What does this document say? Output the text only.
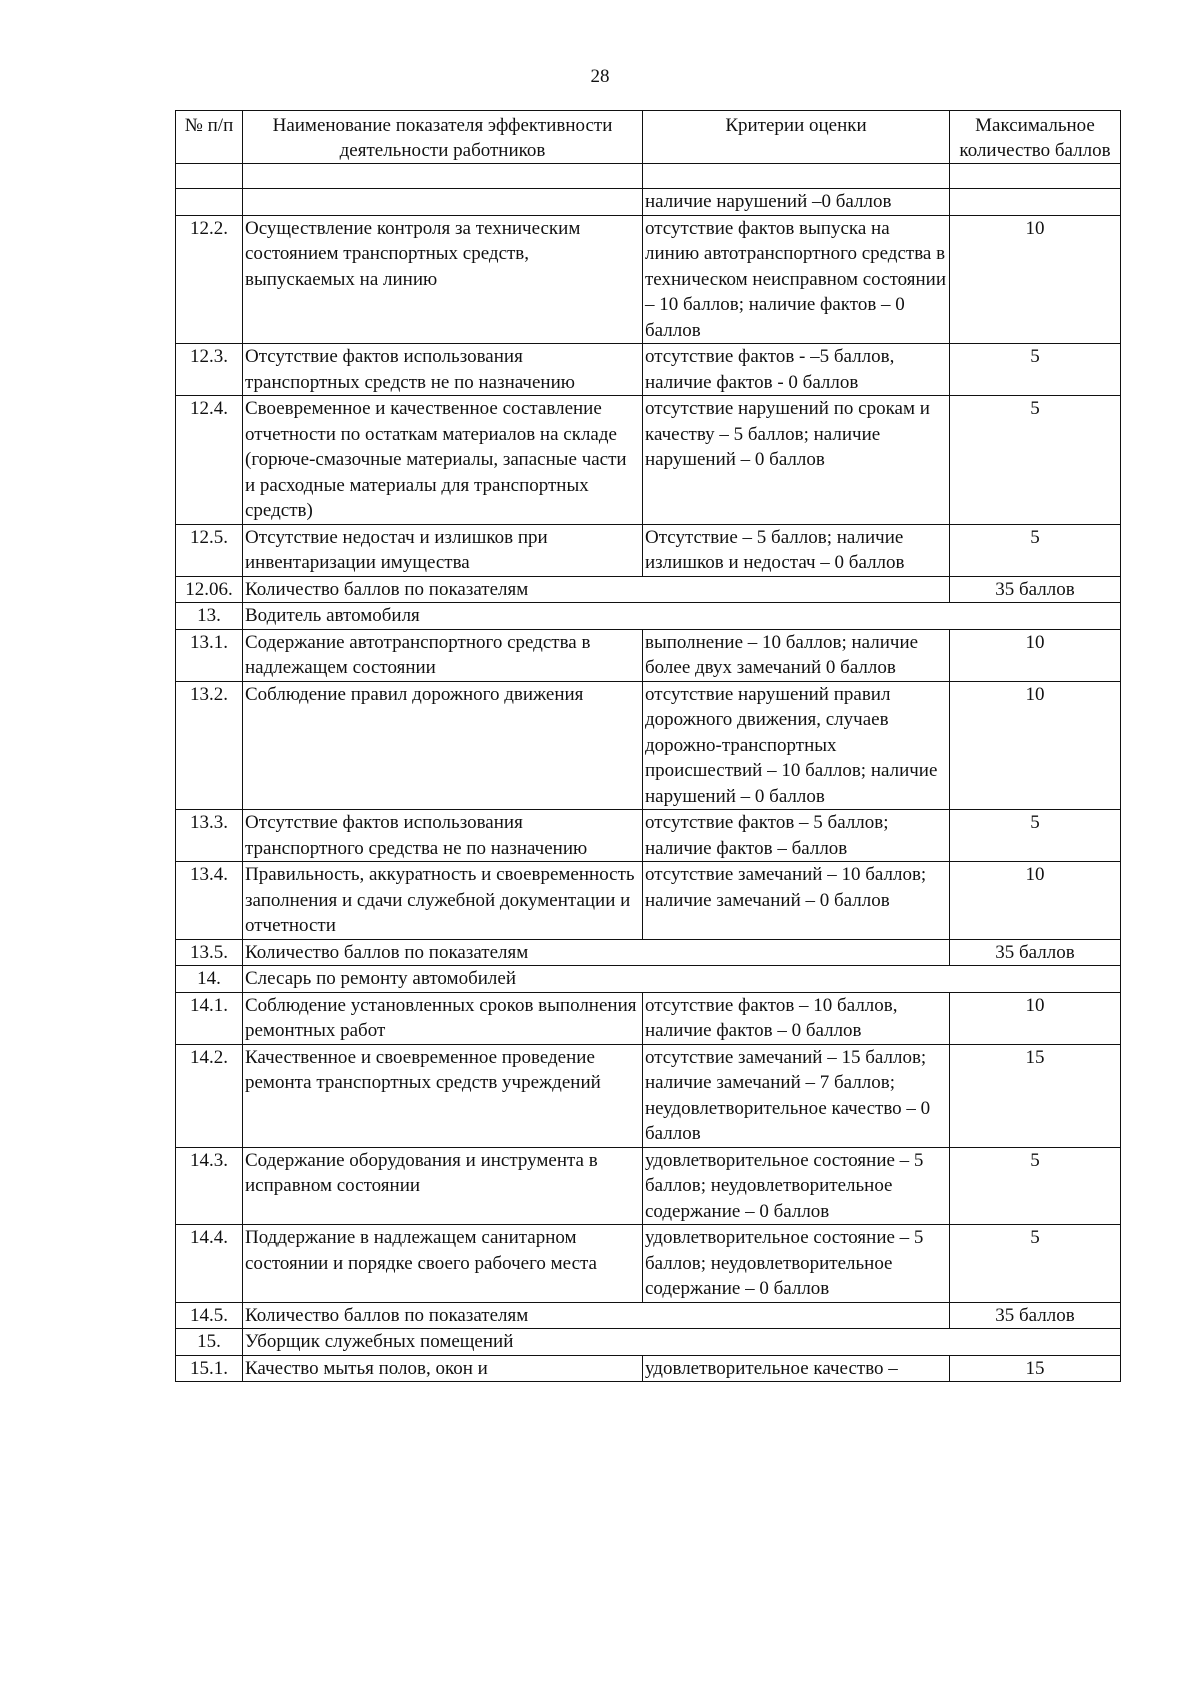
28
№ п/п	Наименование показателя эффективности деятельности работников	Критерии оценки	Максимальное количество баллов

		наличие нарушений –0 баллов	
12.2.	Осуществление контроля за техническим состоянием транспортных средств, выпускаемых на линию	отсутствие фактов выпуска на линию автотранспортного средства в техническом неисправном состоянии – 10 баллов; наличие фактов – 0 баллов	10
12.3.	Отсутствие фактов использования транспортных средств не по назначению	отсутствие фактов - –5 баллов, наличие фактов - 0 баллов	5
12.4.	Своевременное и качественное составление отчетности по остаткам материалов на складе (горюче-смазочные материалы, запасные части и расходные материалы для транспортных средств)	отсутствие нарушений по срокам и качеству – 5 баллов; наличие нарушений – 0 баллов	5
12.5.	Отсутствие недостач и излишков при инвентаризации имущества	Отсутствие – 5 баллов; наличие излишков и недостач – 0 баллов	5
12.06.	Количество баллов по показателям		35 баллов
13.	Водитель автомобиля		
13.1.	Содержание автотранспортного средства в надлежащем состоянии	выполнение – 10 баллов; наличие более двух замечаний 0 баллов	10
13.2.	Соблюдение правил дорожного движения	отсутствие нарушений правил дорожного движения, случаев дорожно-транспортных происшествий – 10 баллов; наличие нарушений – 0 баллов	10
13.3.	Отсутствие фактов использования транспортного средства не по назначению	отсутствие фактов – 5 баллов; наличие фактов – баллов	5
13.4.	Правильность, аккуратность и своевременность заполнения и сдачи служебной документации и отчетности	отсутствие замечаний – 10 баллов; наличие замечаний – 0 баллов	10
13.5.	Количество баллов по показателям		35 баллов
14.	Слесарь по ремонту автомобилей		
14.1.	Соблюдение установленных сроков выполнения ремонтных работ	отсутствие фактов – 10 баллов, наличие фактов – 0 баллов	10
14.2.	Качественное и своевременное проведение ремонта транспортных средств учреждений	отсутствие замечаний – 15 баллов; наличие замечаний – 7 баллов; неудовлетворительное качество – 0 баллов	15
14.3.	Содержание оборудования и инструмента в исправном состоянии	удовлетворительное состояние – 5 баллов; неудовлетворительное содержание – 0 баллов	5
14.4.	Поддержание в надлежащем санитарном состоянии и порядке своего рабочего места	удовлетворительное состояние – 5 баллов; неудовлетворительное содержание – 0 баллов	5
14.5.	Количество баллов по показателям		35 баллов
15.	Уборщик служебных помещений		
15.1.	Качество мытья полов, окон и	удовлетворительное качество –	15
